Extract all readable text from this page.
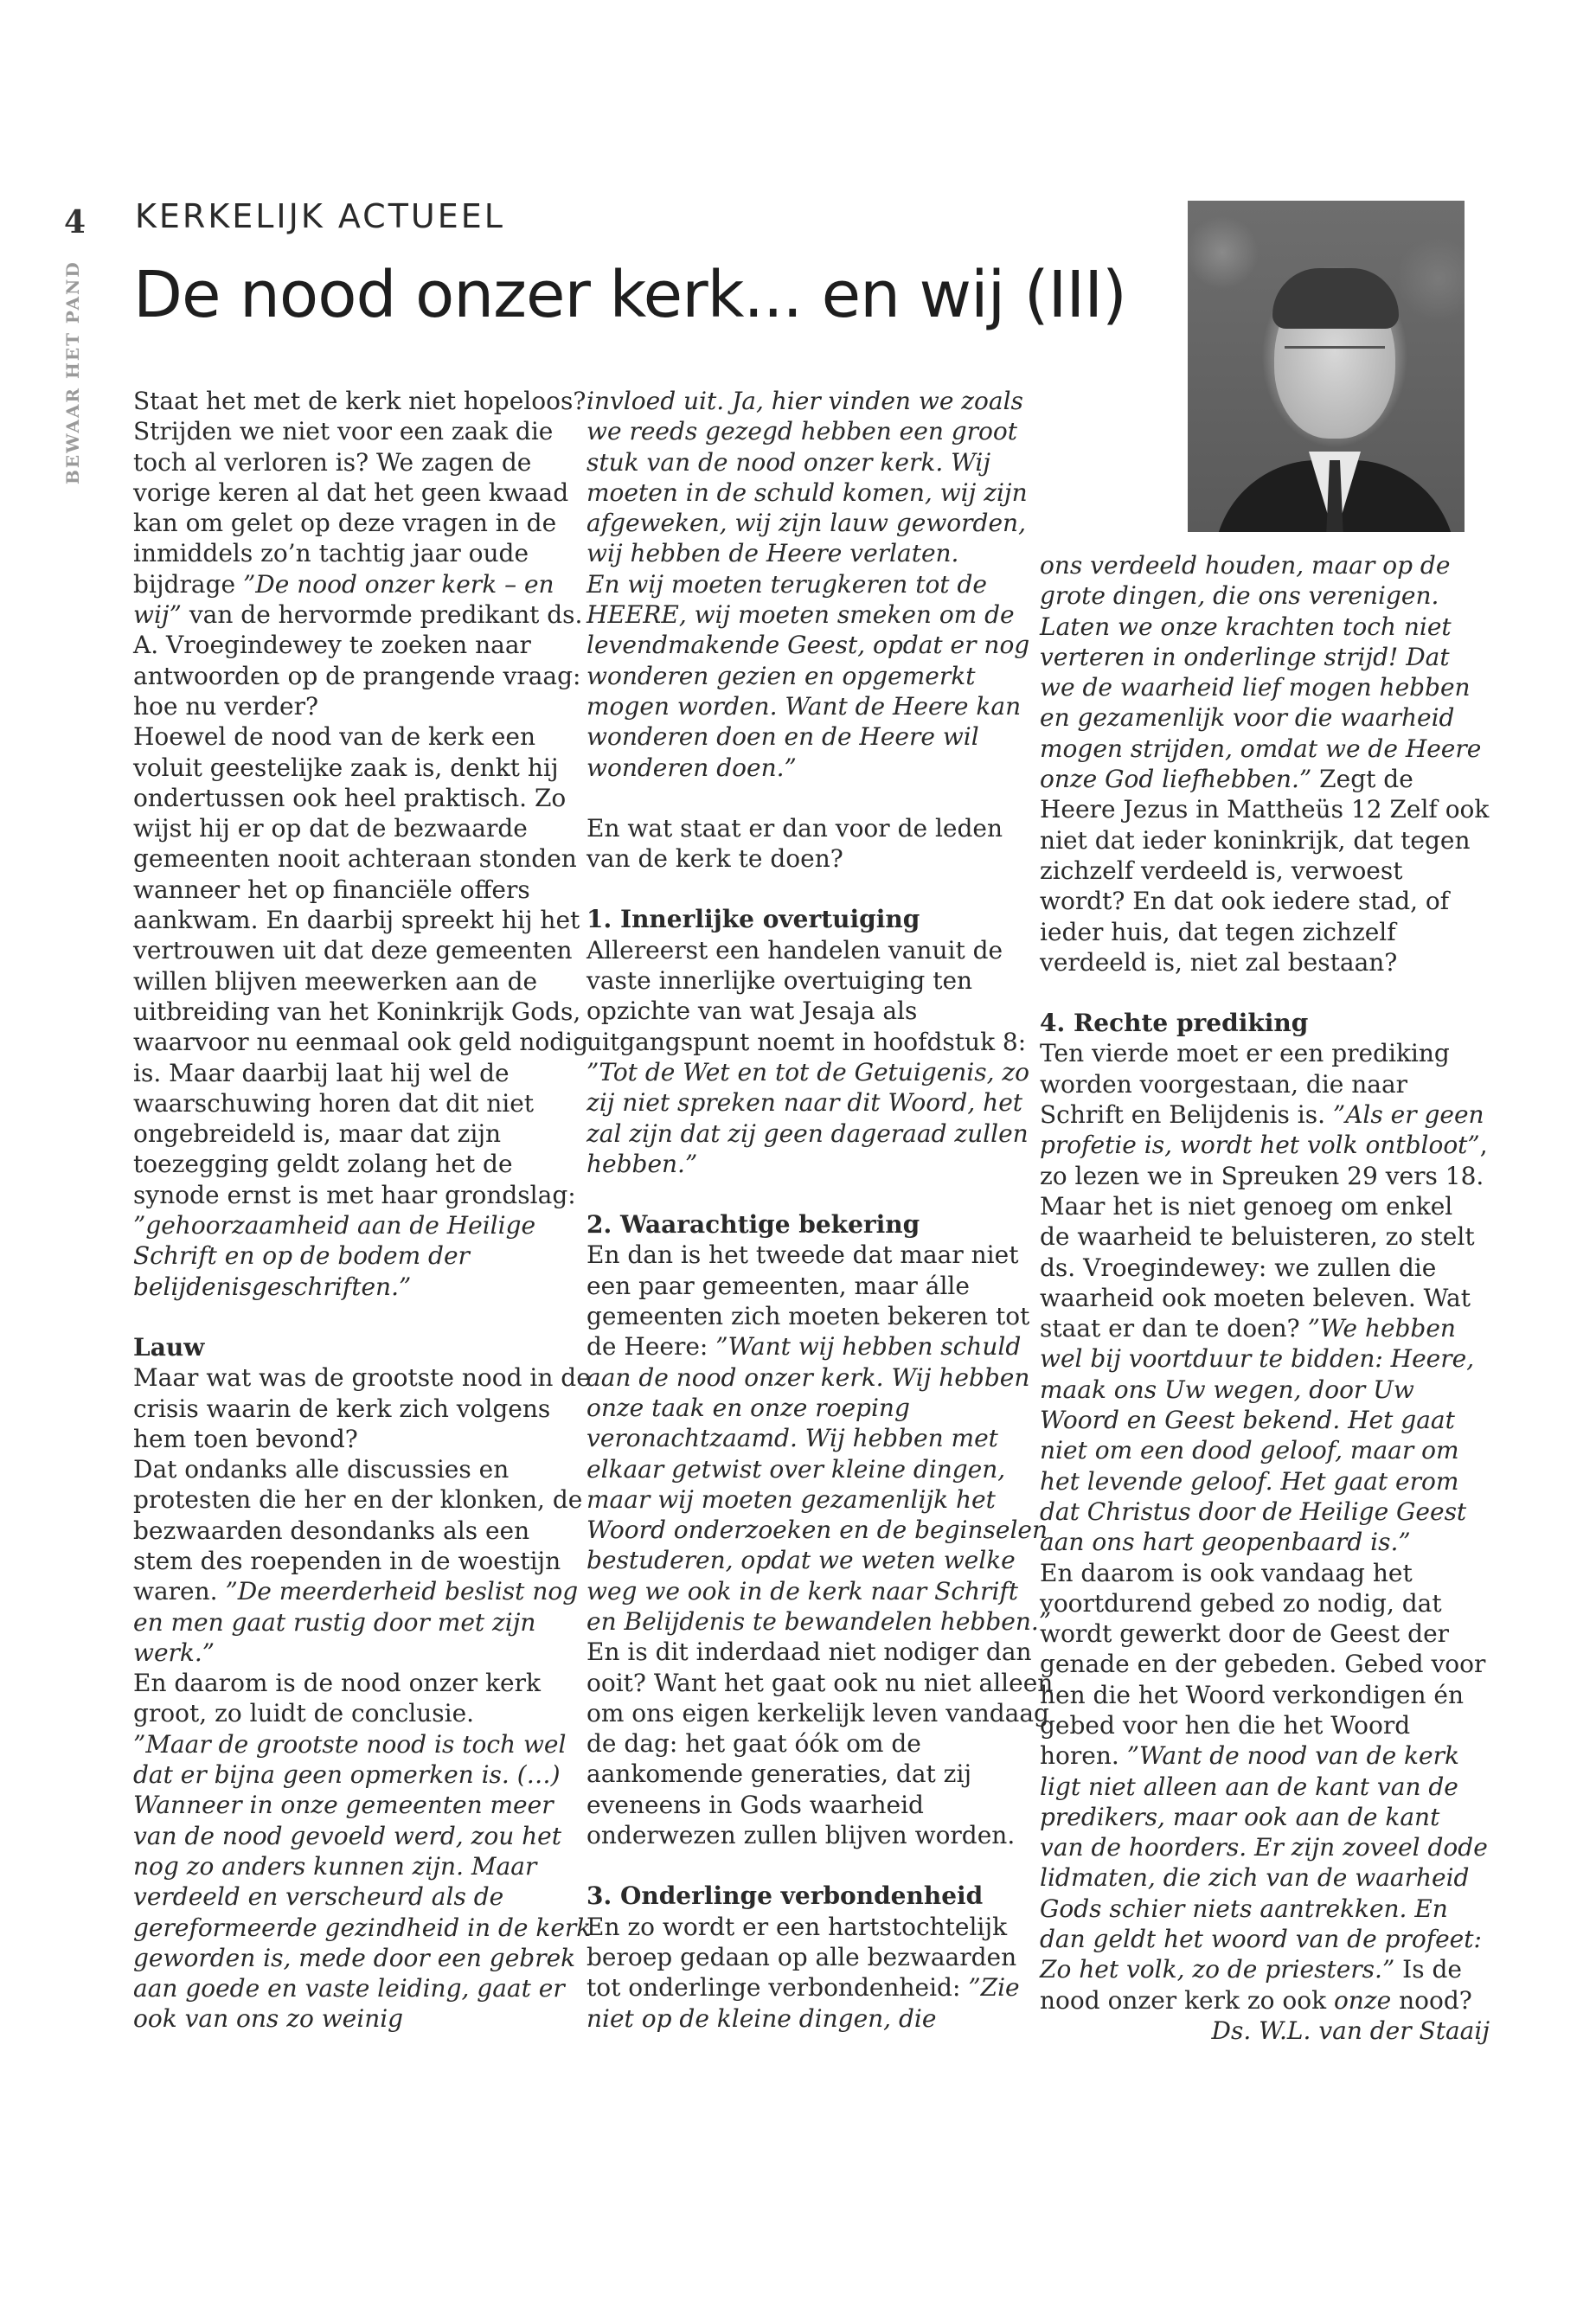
4
BEWAAR HET PAND
KERKELIJK ACTUEEL
De nood onzer kerk... en wij (III)

Staat het met de kerk niet hopeloos? Strijden we niet voor een zaak die toch al verloren is? We zagen de vorige keren al dat het geen kwaad kan om gelet op deze vragen in de inmiddels zo’n tachtig jaar oude bijdrage ”De nood onzer kerk – en wij” van de hervormde predikant ds. A. Vroegindewey te zoeken naar antwoorden op de prangende vraag: hoe nu verder?

Hoewel de nood van de kerk een voluit geestelijke zaak is, denkt hij ondertussen ook heel praktisch. Zo wijst hij er op dat de bezwaarde gemeenten nooit achteraan stonden wanneer het op financiële offers aankwam. En daarbij spreekt hij het vertrouwen uit dat deze gemeenten willen blijven meewerken aan de uitbreiding van het Koninkrijk Gods, waarvoor nu eenmaal ook geld nodig is. Maar daarbij laat hij wel de waarschuwing horen dat dit niet ongebreideld is, maar dat zijn toezegging geldt zolang het de synode ernst is met haar grondslag: ”gehoorzaamheid aan de Heilige Schrift en op de bodem der belijdenisgeschriften.”

Lauw

Maar wat was de grootste nood in de crisis waarin de kerk zich volgens hem toen bevond?

Dat ondanks alle discussies en protesten die her en der klonken, de bezwaarden desondanks als een stem des roependen in de woestijn waren. ”De meerderheid beslist nog en men gaat rustig door met zijn werk.”

En daarom is de nood onzer kerk groot, zo luidt de conclusie.

”Maar de grootste nood is toch wel dat er bijna geen opmerken is. (…) Wanneer in onze gemeenten meer van de nood gevoeld werd, zou het nog zo anders kunnen zijn. Maar verdeeld en verscheurd als de gereformeerde gezindheid in de kerk geworden is, mede door een gebrek aan goede en vaste leiding, gaat er ook van ons zo weinig

invloed uit. Ja, hier vinden we zoals we reeds gezegd hebben een groot stuk van de nood onzer kerk. Wij moeten in de schuld komen, wij zijn afgeweken, wij zijn lauw geworden, wij hebben de Heere verlaten.

En wij moeten terugkeren tot de HEERE, wij moeten smeken om de levendmakende Geest, opdat er nog wonderen gezien en opgemerkt mogen worden. Want de Heere kan wonderen doen en de Heere wil wonderen doen.”

En wat staat er dan voor de leden van de kerk te doen?

1. Innerlijke overtuiging

Allereerst een handelen vanuit de vaste innerlijke overtuiging ten opzichte van wat Jesaja als uitgangspunt noemt in hoofdstuk 8: ”Tot de Wet en tot de Getuigenis, zo zij niet spreken naar dit Woord, het zal zijn dat zij geen dageraad zullen hebben.”

2. Waarachtige bekering

En dan is het tweede dat maar niet een paar gemeenten, maar álle gemeenten zich moeten bekeren tot de Heere: ”Want wij hebben schuld aan de nood onzer kerk. Wij hebben onze taak en onze roeping veronachtzaamd. Wij hebben met elkaar getwist over kleine dingen, maar wij moeten gezamenlijk het Woord onderzoeken en de beginselen bestuderen, opdat we weten welke weg we ook in de kerk naar Schrift en Belijdenis te bewandelen hebben.”

En is dit inderdaad niet nodiger dan ooit? Want het gaat ook nu niet alleen om ons eigen kerkelijk leven vandaag de dag: het gaat óók om de aankomende generaties, dat zij eveneens in Gods waarheid onderwezen zullen blijven worden.

3. Onderlinge verbondenheid

En zo wordt er een hartstochtelijk beroep gedaan op alle bezwaarden tot onderlinge verbondenheid: ”Zie niet op de kleine dingen, die

ons verdeeld houden, maar op de grote dingen, die ons verenigen. Laten we onze krachten toch niet verteren in onderlinge strijd! Dat we de waarheid lief mogen hebben en gezamenlijk voor die waarheid mogen strijden, omdat we de Heere onze God liefhebben.” Zegt de Heere Jezus in Mattheüs 12 Zelf ook niet dat ieder koninkrijk, dat tegen zichzelf verdeeld is, verwoest wordt? En dat ook iedere stad, of ieder huis, dat tegen zichzelf verdeeld is, niet zal bestaan?

4. Rechte prediking

Ten vierde moet er een prediking worden voorgestaan, die naar Schrift en Belijdenis is. ”Als er geen profetie is, wordt het volk ontbloot”, zo lezen we in Spreuken 29 vers 18. Maar het is niet genoeg om enkel de waarheid te beluisteren, zo stelt ds. Vroegindewey: we zullen die waarheid ook moeten beleven. Wat staat er dan te doen? ”We hebben wel bij voortduur te bidden: Heere, maak ons Uw wegen, door Uw Woord en Geest bekend. Het gaat niet om een dood geloof, maar om het levende geloof. Het gaat erom dat Christus door de Heilige Geest aan ons hart geopenbaard is.”

En daarom is ook vandaag het voortdurend gebed zo nodig, dat wordt gewerkt door de Geest der genade en der gebeden. Gebed voor hen die het Woord verkondigen én gebed voor hen die het Woord horen. ”Want de nood van de kerk ligt niet alleen aan de kant van de predikers, maar ook aan de kant van de hoorders. Er zijn zoveel dode lidmaten, die zich van de waarheid Gods schier niets aantrekken. En dan geldt het woord van de profeet: Zo het volk, zo de priesters.” Is de nood onzer kerk zo ook onze nood?

Ds. W.L. van der Staaij
